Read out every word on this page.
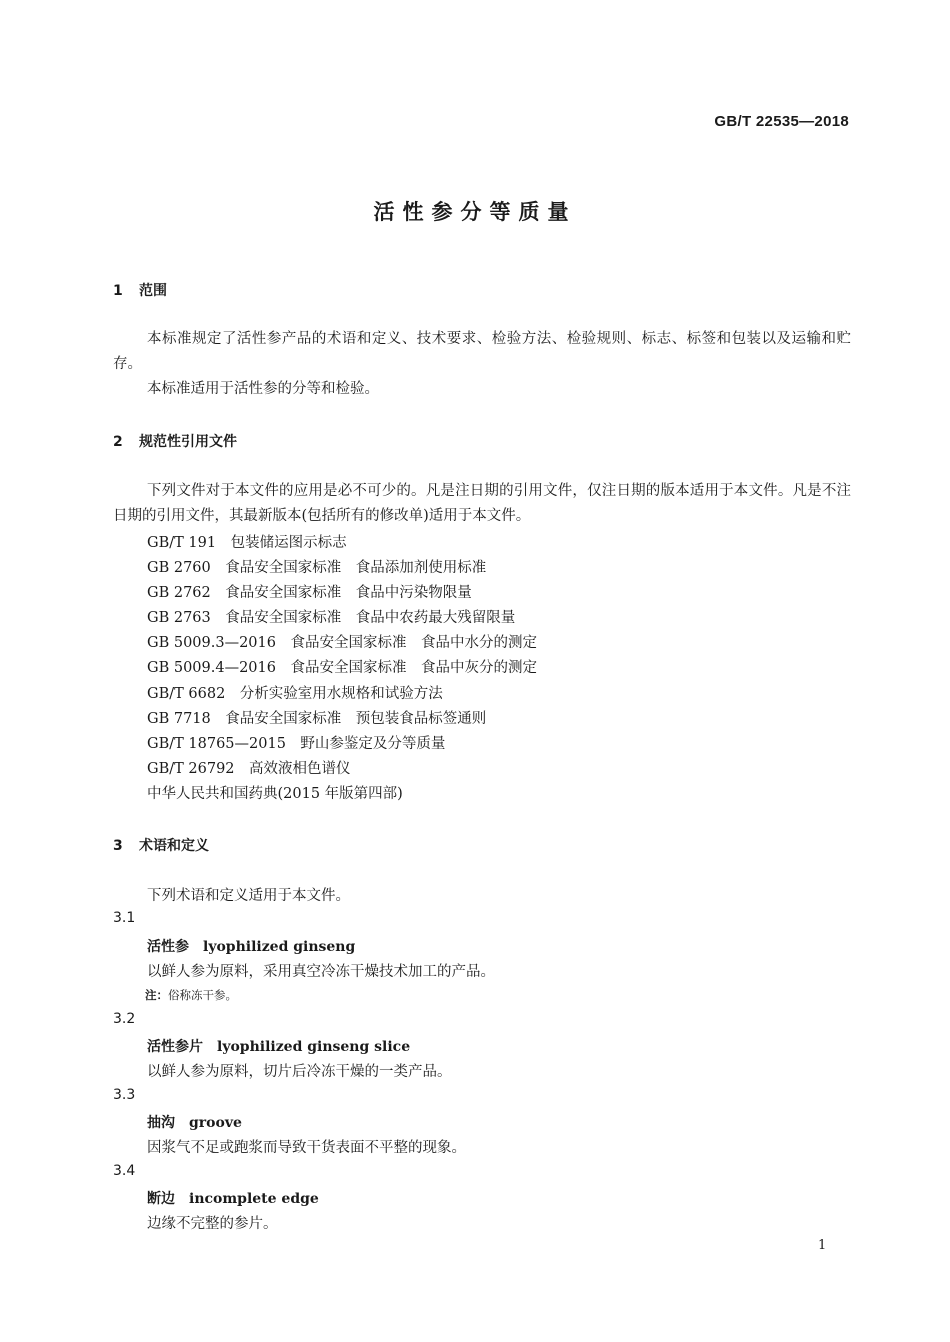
GB/T 22535—2018
活性参分等质量
1 范围
本标准规定了活性参产品的术语和定义、技术要求、检验方法、检验规则、标志、标签和包装以及运输和贮存。
本标准适用于活性参的分等和检验。
2 规范性引用文件
下列文件对于本文件的应用是必不可少的。凡是注日期的引用文件，仅注日期的版本适用于本文件。凡是不注日期的引用文件，其最新版本(包括所有的修改单)适用于本文件。
GB/T 191　包装储运图示标志
GB 2760　食品安全国家标准　食品添加剂使用标准
GB 2762　食品安全国家标准　食品中污染物限量
GB 2763　食品安全国家标准　食品中农药最大残留限量
GB 5009.3—2016　食品安全国家标准　食品中水分的测定
GB 5009.4—2016　食品安全国家标准　食品中灰分的测定
GB/T 6682　分析实验室用水规格和试验方法
GB 7718　食品安全国家标准　预包装食品标签通则
GB/T 18765—2015　野山参鉴定及分等质量
GB/T 26792　高效液相色谱仪
中华人民共和国药典(2015 年版第四部)
3 术语和定义
下列术语和定义适用于本文件。
3.1
活性参　lyophilized ginseng
以鲜人参为原料，采用真空冷冻干燥技术加工的产品。
注：俗称冻干参。
3.2
活性参片　lyophilized ginseng slice
以鲜人参为原料，切片后冷冻干燥的一类产品。
3.3
抽沟　groove
因浆气不足或跑浆而导致干货表面不平整的现象。
3.4
断边　incomplete edge
边缘不完整的参片。
1
